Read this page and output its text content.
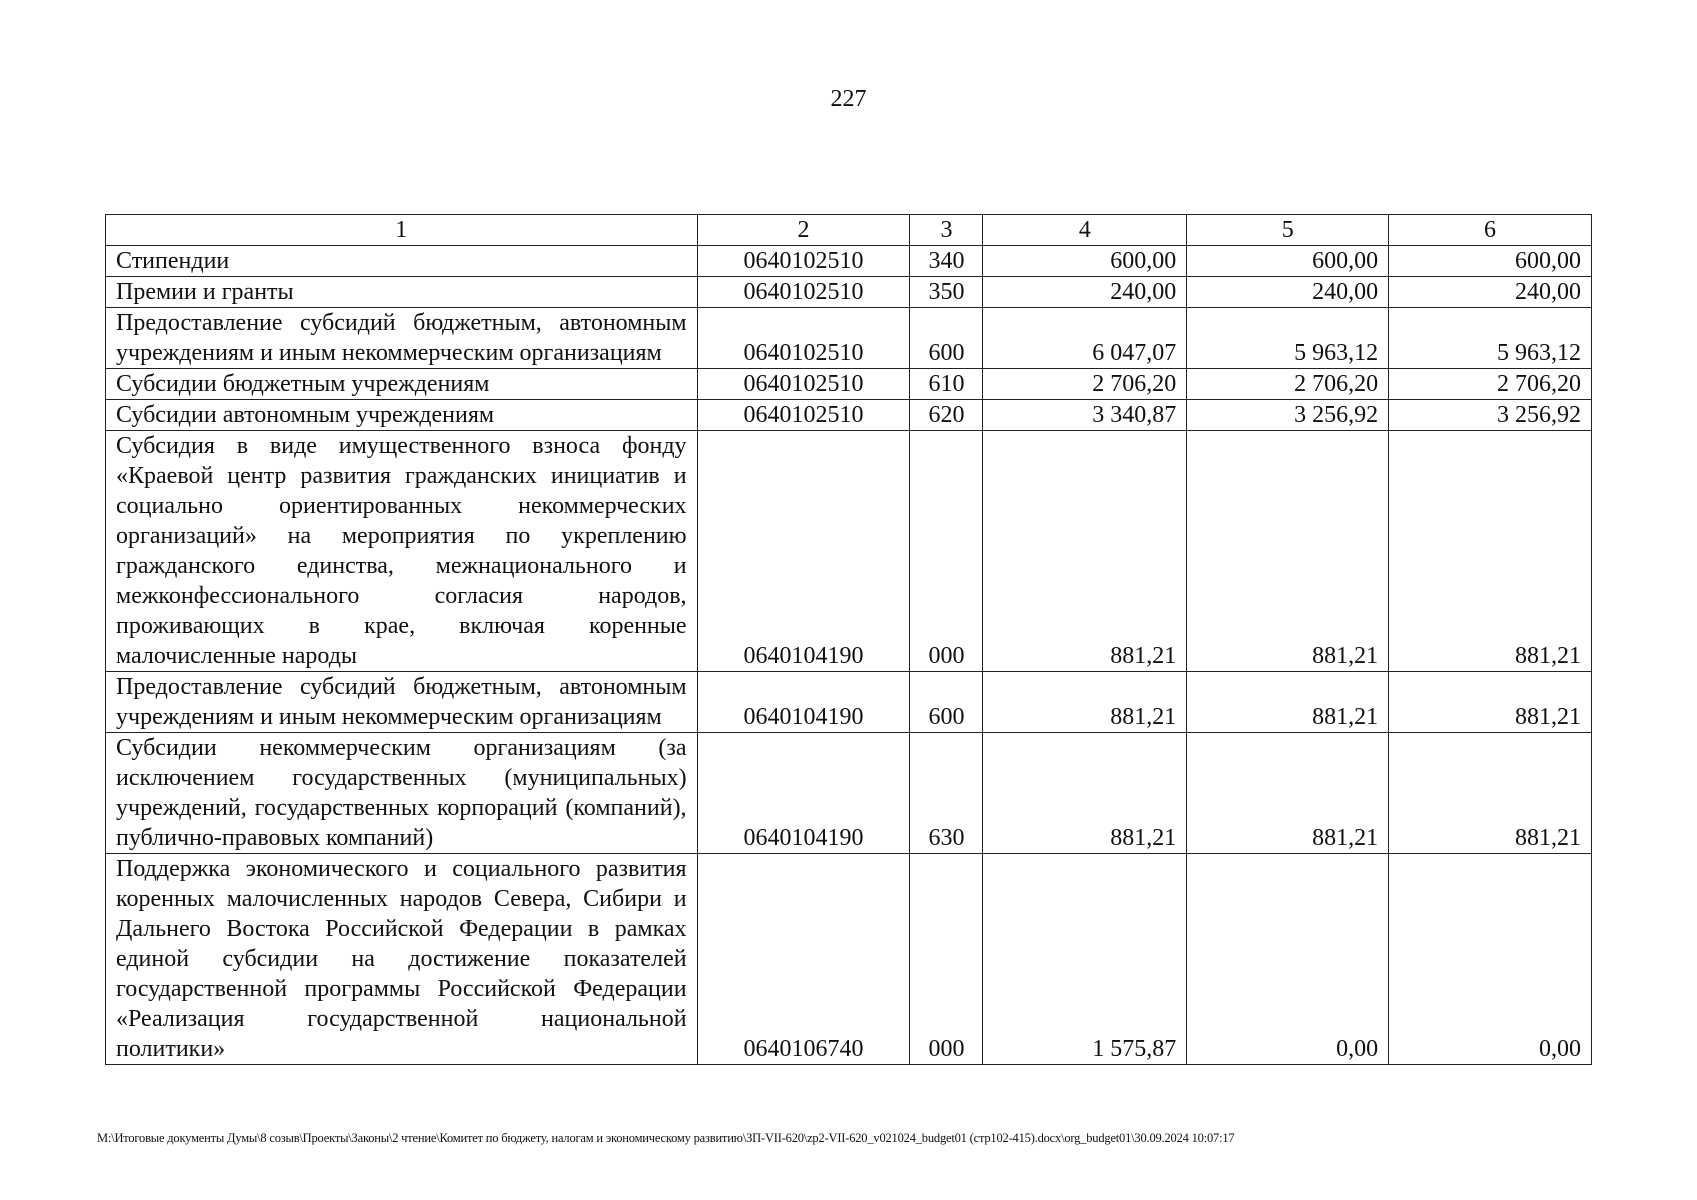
227
1	2	3	4	5	6
Стипендии	0640102510	340	600,00	600,00	600,00
Премии и гранты	0640102510	350	240,00	240,00	240,00
Предоставление субсидий бюджетным, автономным учреждениям и иным некоммерческим организациям	0640102510	600	6 047,07	5 963,12	5 963,12
Субсидии бюджетным учреждениям	0640102510	610	2 706,20	2 706,20	2 706,20
Субсидии автономным учреждениям	0640102510	620	3 340,87	3 256,92	3 256,92
Субсидия в виде имущественного взноса фонду «Краевой центр развития гражданских инициатив и социально ориентированных некоммерческих организаций» на мероприятия по укреплению гражданского единства, межнационального и межконфессионального согласия народов, проживающих в крае, включая коренные малочисленные народы	0640104190	000	881,21	881,21	881,21
Предоставление субсидий бюджетным, автономным учреждениям и иным некоммерческим организациям	0640104190	600	881,21	881,21	881,21
Субсидии некоммерческим организациям (за исключением государственных (муниципальных) учреждений, государственных корпораций (компаний), публично-правовых компаний)	0640104190	630	881,21	881,21	881,21
Поддержка экономического и социального развития коренных малочисленных народов Севера, Сибири и Дальнего Востока Российской Федерации в рамках единой субсидии на достижение показателей государственной программы Российской Федерации «Реализация государственной национальной политики»	0640106740	000	1 575,87	0,00	0,00
M:\Итоговые документы Думы\8 созыв\Проекты\Законы\2 чтение\Комитет по бюджету, налогам и экономическому развитию\ЗП-VII-620\zp2-VII-620_v021024_budget01 (стр102-415).docx\org_budget01\30.09.2024 10:07:17
